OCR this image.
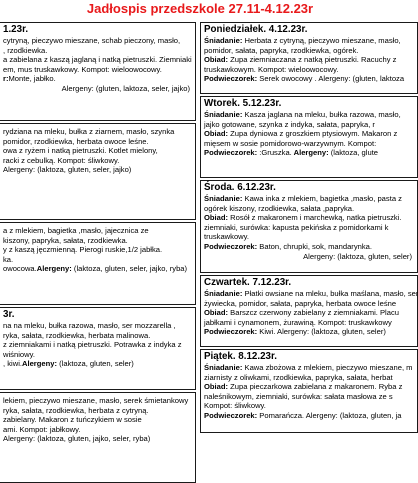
Jadłospis przedszkole 27.11-4.12.23r
1.23r.
cytryną, pieczywo mieszane, schab pieczony, masło,
, rzodkiewka.
a zabielana z kaszą jaglaną i natką pietruszki. Ziemniaki
em, mus truskawkowy. Kompot: wieloowocowy.
r:Monte, jabłko.
Alergeny: (gluten, laktoza, seler, jajko)
rydziana na mleku, bułka z ziarnem, masło, szynka
pomidor, rzodkiewka, herbata owoce leśne.
owa z ryżem i natką pietruszki. Kotlet mielony,
racki z cebulką. Kompot: śliwkowy.
Alergeny: (laktoza, gluten, seler, jajko)
a z mlekiem, bagietka ,masło, jajecznica ze
kiszony, papryka, sałata, rzodkiewka.
y z kaszą jęczmienną. Pierogi ruskie,1/2 jabłka.
ka.
owocowa.Alergeny: (laktoza, gluten, seler, jajko, ryba)
3r.
na na mleku, bułka razowa, masło, ser mozzarella ,
ryka, sałata, rzodkiewka, herbata malinowa.
z ziemniakami i natką pietruszki. Potrawka z indyka z
wiśniowy.
, kiwi.Alergeny: (laktoza, gluten, seler)
lekiem, pieczywo mieszane, masło, serek śmietankowy
ryka, sałata, rzodkiewka, herbata z cytryną.
zabielany. Makaron z tuńczykiem w sosie
ami. Kompot: jabłkowy.
Alergeny: (laktoza, gluten, jajko, seler, ryba)
Poniedziałek. 4.12.23r.
Śniadanie: Herbata z cytryną, pieczywo mieszane, masło,
pomidor, sałata, papryka, rzodkiewka, ogórek.
Obiad: Zupa ziemniaczana z natką pietruszki. Racuchy z
truskawkowym. Kompot: wieloowocowy.
Podwieczorek: Serek owocowy . Alergeny: (gluten, laktoza
Wtorek. 5.12.23r.
Śniadanie: Kasza jaglana na mleku, bułka razowa, masło,
jajko gotowane, szynka z indyka, sałata, papryka, r
Obiad: Zupa dyniowa z groszkiem ptysiowym. Makaron z
mięsem w sosie pomidorowo-warzywnym. Kompot:
Podwieczorek: :Gruszka. Alergeny: (laktoza, glute
Środa. 6.12.23r.
Śniadanie: Kawa inka z mlekiem, bagietka ,masło, pasta z
ogórek kiszony, rzodkiewka, sałata ,papryka.
Obiad: Rosół z makaronem i marchewką, natka pietruszki.
ziemniaki, surówka: kapusta pekińska z pomidorkami k
truskawkowy.
Podwieczorek: Baton, chrupki, sok, mandarynka.
Alergeny: (laktoza, gluten, seler)
Czwartek. 7.12.23r.
Śniadanie: Płatki owsiane na mleku, bułka maślana, masło, ser
żywiecka, pomidor, sałata, papryka, herbata owoce leśne
Obiad: Barszcz czerwony zabielany z ziemniakami. Placu
jabłkami i cynamonem, żurawiną. Kompot: truskawkowy
Podwieczorek: Kiwi. Alergeny: (laktoza, gluten, seler)
Piątek. 8.12.23r.
Śniadanie: Kawa zbożowa z mlekiem, pieczywo mieszane, m
ziarnisty z oliwkami, rzodkiewka, papryka, sałata, herbat
Obiad: Zupa pieczarkowa zabielana z makaronem. Ryba z
naleśnikowym, ziemniaki, surówka: sałata masłowa ze s
Kompot: śliwkowy.
Podwieczorek: Pomarańcza. Alergeny: (laktoza, gluten, ja
